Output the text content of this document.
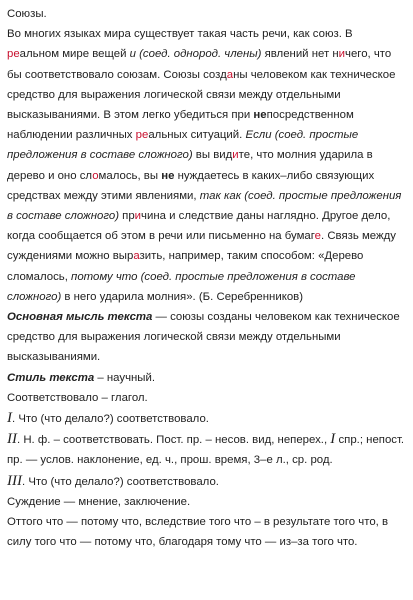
Союзы.

Во многих языках мира существует такая часть речи, как союз. В реальном мире вещей и (соед. однород. члены) явлений нет ничего, что бы соответствовало союзам. Союзы созданы человеком как техническое средство для выражения логической связи между отдельными высказываниями. В этом легко убедиться при непосредственном наблюдении различных реальных ситуаций. Если (соед. простые предложения в составе сложного) вы видите, что молния ударила в дерево и оно сломалось, вы не нуждаетесь в каких–либо связующих средствах между этими явлениями, так как (соед. простые предложения в составе сложного) причина и следствие даны наглядно. Другое дело, когда сообщается об этом в речи или письменно на бумаге. Связь между суждениями можно выразить, например, таким способом: «Дерево сломалось, потому что (соед. простые предложения в составе сложного) в него ударила молния». (Б. Серебренников)

Основная мысль текста — союзы созданы человеком как техническое средство для выражения логической связи между отдельными высказываниями.

Стиль текста – научный.

Соответствовало – глагол.

I. Что (что делало?) соответствовало.

II. Н. ф. – соответствовать. Пост. пр. – несов. вид, неперех., I спр.; непост.

пр. — услов. наклонение, ед. ч., прош. время, 3–е л., ср. род.

III. Что (что делало?) соответствовало.

Суждение — мнение, заключение.

Оттого что — потому что, вследствие того что – в результате того что, в силу того что — потому что, благодаря тому что — из–за того что.
